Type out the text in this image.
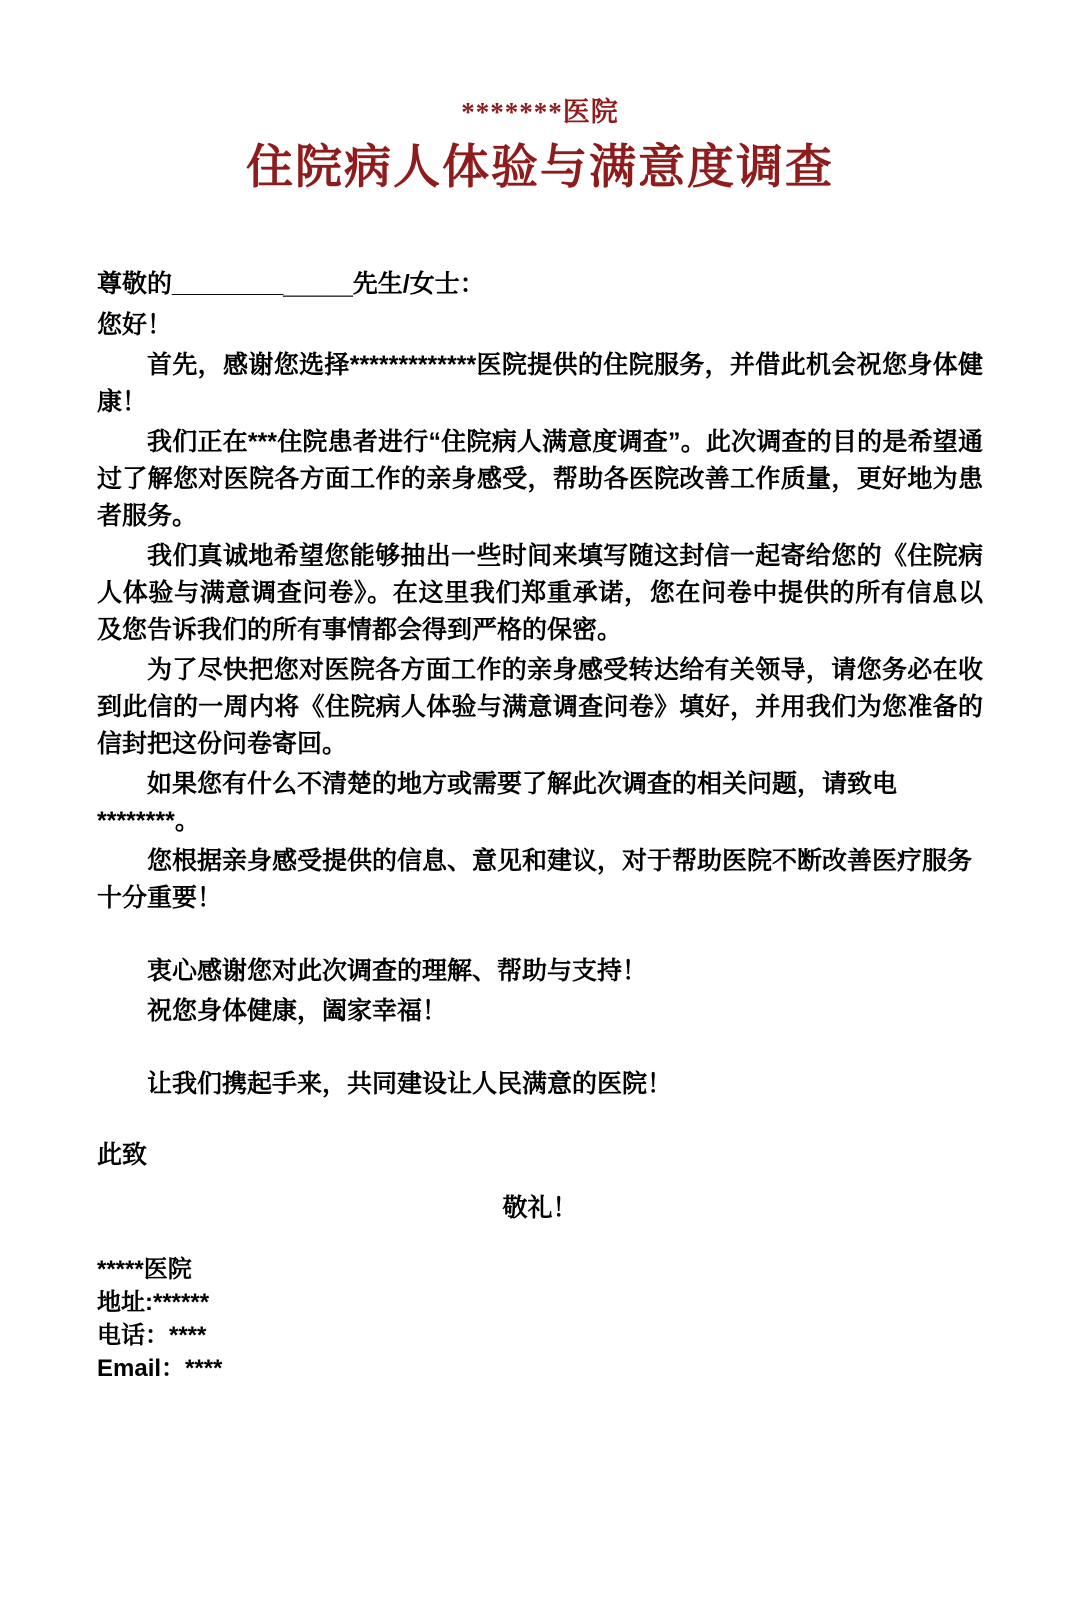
*******医院
住院病人体验与满意度调查
尊敬的_____________先生/女士：
您好！

首先，感谢您选择*************医院提供的住院服务，并借此机会祝您身体健康！

我们正在***住院患者进行“住院病人满意度调查”。此次调查的目的是希望通过了解您对医院各方面工作的亲身感受，帮助各医院改善工作质量，更好地为患者服务。

我们真诚地希望您能够抽出一些时间来填写随这封信一起寄给您的《住院病人体验与满意调查问卷》。在这里我们郑重承诺，您在问卷中提供的所有信息以及您告诉我们的所有事情都会得到严格的保密。

为了尽快把您对医院各方面工作的亲身感受转达给有关领导，请您务必在收到此信的一周内将《住院病人体验与满意调查问卷》填好，并用我们为您准备的信封把这份问卷寄回。

如果您有什么不清楚的地方或需要了解此次调查的相关问题，请致电********。

您根据亲身感受提供的信息、意见和建议，对于帮助医院不断改善医疗服务十分重要！

衷心感谢您对此次调查的理解、帮助与支持！

祝您身体健康，阖家幸福！

让我们携起手来，共同建设让人民满意的医院！

此致
敬礼！
*****医院
地址:******
电话：****
Email：****
